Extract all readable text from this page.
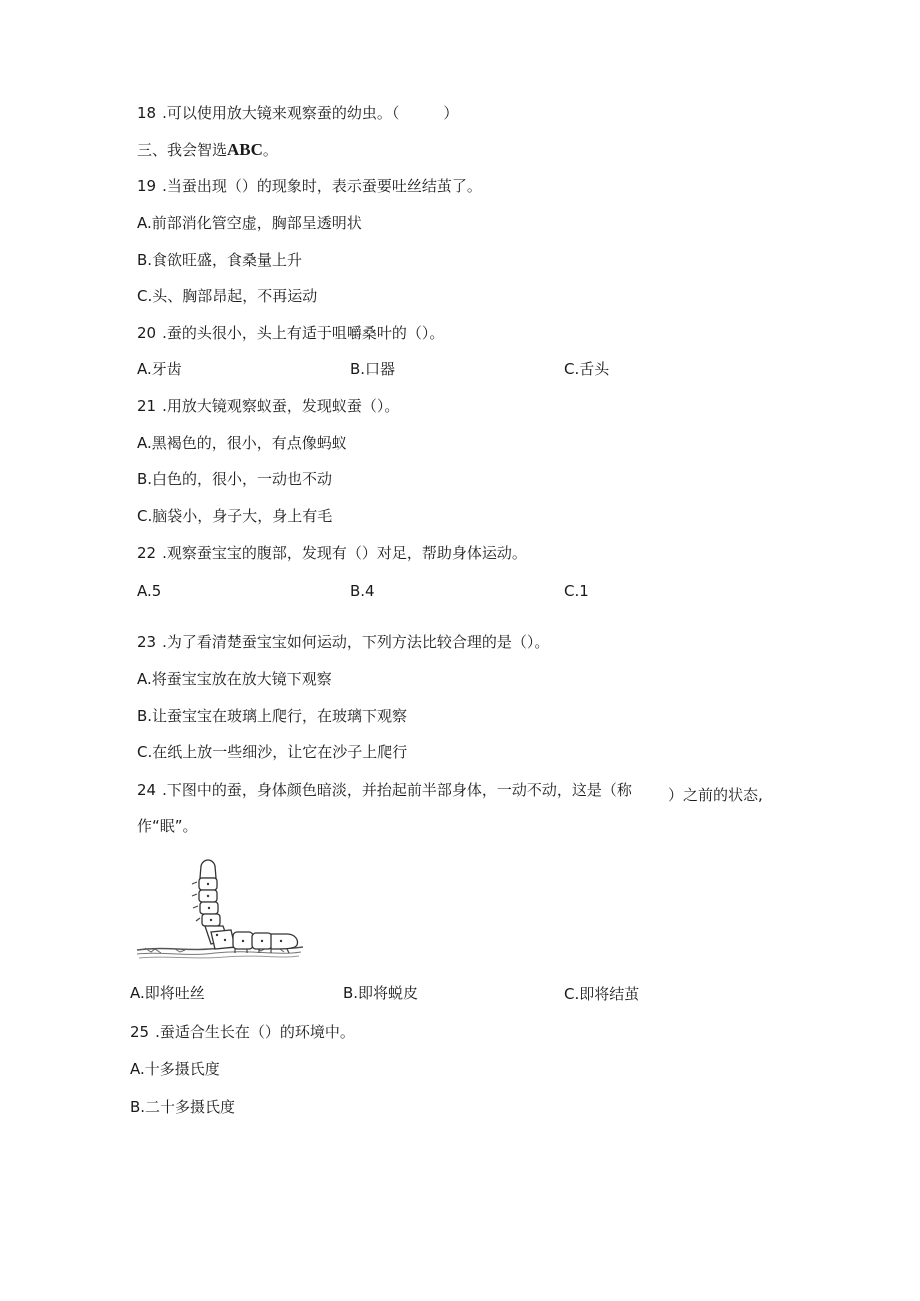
18 .可以使用放大镜来观察蚕的幼虫。（	）
三、我会智选ABC。
19 .当蚕出现（）的现象时，表示蚕要吐丝结茧了。
A.前部消化管空虚，胸部呈透明状
B.食欲旺盛，食桑量上升
C.头、胸部昂起，不再运动
20 .蚕的头很小，头上有适于咀嚼桑叶的（）。
A.牙齿	B.口器	C.舌头
21 .用放大镜观察蚁蚕，发现蚁蚕（）。
A.黑褐色的，很小，有点像蚂蚁
B.白色的，很小，一动也不动
C.脑袋小，身子大，身上有毛
22 .观察蚕宝宝的腹部，发现有（）对足，帮助身体运动。
A.5	B.4	C.1
23 .为了看清楚蚕宝宝如何运动，下列方法比较合理的是（）。
A.将蚕宝宝放在放大镜下观察
B.让蚕宝宝在玻璃上爬行，在玻璃下观察
C.在纸上放一些细沙，让它在沙子上爬行
24 .下图中的蚕，身体颜色暗淡，并抬起前半部身体，一动不动，这是（称 ）之前的状态,
作“眠”。
A.即将吐丝	B.即将蜕皮	C.即将结茧
25 .蚕适合生长在（）的环境中。
A.十多摄氏度
B.二十多摄氏度
